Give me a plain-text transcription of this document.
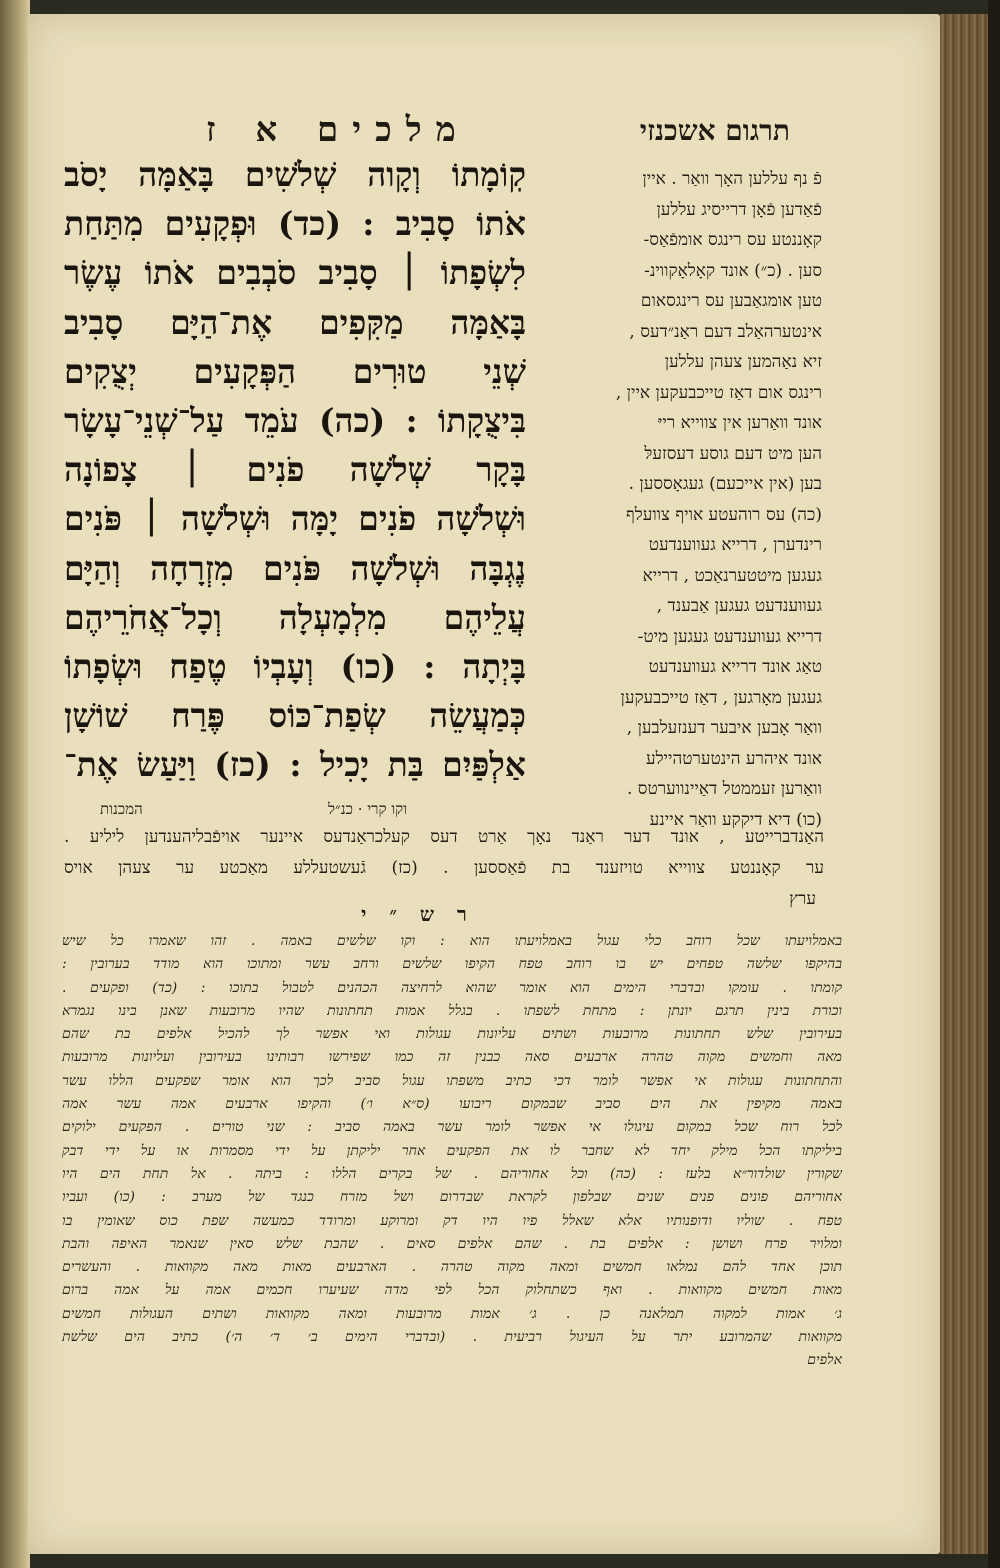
תרגום אשכנזי
מלכים א ז
קֽוֹמָתוֹ וְקָוה שְׁלֹשִׁים בָּאַמָּה יָסֹב
אֹתוֹ סָבִיב : (כד) וּפְקָעִים מִתַּחַת
לִשְׂפָתוֹ ׀ סָבִיב סֹבְבִים אֹתוֹ עֶשֶׂר
בָּאַמָּה מַקִּפִים אֶת־הַיָּם סָבִיב
שְׁנֵי טוּרִים הַפְּקָעִים יְצֻקִים
בִּיצֻקָתוֹ : (כה) עֹמֵד עַל־שְׁנֵי־עָשָׂר
בָּקָר שְׁלֹשָׁה פֹנִים ׀ צָפוֹנָה
וּשְׁלֹשָׁה פֹנִים יָמָּה וּשְׁלֹשָׁה ׀ פֹּנִים
נֶגְבָּה וּשְׁלֹשָׁה פֹּנִים מִזְרָחָה וְהַיָּם
עֲלֵיהֶם מִלְמָעְלָה וְכָל־אֲחֹרֵיהֶם
בָּיְתָה : (כו) וְעָבְיוֹ טֶפַח וּשְׂפָתוֹ
כְּמַעֲשֵׂה שְׂפַת־כּוֹס פֶּרַח שׁוֹשָׁן
אַלְפַּיִם בַּת יָכִיל : (כז) וַיַּעַשׂ אֶת־
פֿ נף עללען האָך וואַר . איין
פֿאַדען פֿאָן דרייסיג עללען
קאָננטע עס רינגס אומפֿאַס-
סען . (כ״) אונד קאָלאָקווינ-
טען אומגאַבען עס רינגסאום
אינטערהאַלב דעם ראַנ״דעס ,
זיא נאַהמען צעהן עללען
רינגס אום דאַז טייכבעקען איין ,
אונד וואַרען אין צווייא רייּ
הען מיט דעם גוסע דעסזעלּ
בען (אין אייכעם) געגאָססען .
(כה) עס רוהעטע אויף צוועלף
רינדערן , דרייא געווענדעט
געגען מיטטערנאַכט , דרייא
געווענדעט געגען אַבענד ,
דרייא געווענדעט געגען מיט-
טאַג אונד דרייא געווענדעט
געגען מאָרגען , דאַז טייכבעקען
וואַר אָבען איבער דענזעלבען ,
אונד איהרע הינטערטהיילע
וואַרען זעממטל דאַיינווערטס .
(כו) דיא דיקקע וואַר איינע
וקו קרי · כנ״ל
המכנות
האַנדברייטע , אונד דער ראַנד נאָך אַרט דעס קעלכראַנדעס איינער אויפֿבליהענדען ליליע .
ער קאָננטע צווייא טויזענד בת פֿאַססען . (כז) גֿעשטעללע מאַכטע ער צעהן אויס
ערץ
ר ש ״ י
באמלויעתו שכל רוחב כלי עגול באמלויעתו הוא : וקו שלשים באמה . זהו שאמרו כל שיש
בהיקפו שלשה טפחים יש בו רוחב טפח הקיפו שלשים ורחב עשר ומתוכו הוא מודד בערובין :
קומתו . עומקו ובדברי הימים הוא אומר שהוא לרחיצה הכהנים לטבול בתוכו : (כד) ופקעים .
וכורת בינין תרגם יונתן : מתחת לשפתו . בגלל אמות תחתונות שהיו מרובעות שאנן בינו נגמרא
בעירובין שלש תחתונות מרובעות ושתים עליונות עגולות ואי אפשר לך להכיל אלפים בת שהם
מאה וחמשים מקוה טהרה ארבעים סאה כבנין זה כמו שפירשו רבותינו בעירובין ועליונות מרובעות
והתחתונות עגולות אי אפשר לומר דכי כתיב משפתו עגול סביב לכך הוא אומר שפקעים הללו עשר
באמה מקיפין את הים סביב שבמקום ריבועו (ס״א ו׳) והקיפו ארבעים אמה עשר אמה
לכל רוח שכל במקום עיגולו אי אפשר לומר עשר באמה סביב : שני טורים . הפקעים ילוקים
ביליקתו הכל מילק יחד לא שחבר לו את הפקעים אחר יליקתן על ידי מסמרות או על ידי דבק
שקורין שולדור״א בלעז : (כה) וכל אחוריהם . של בקרים הללו : ביתה . אל תחת הים היו
אחוריהם פונים פנים שנים שבלפון לקראת שבדרום ושל מזרח כנגד של מערב : (כו) ועביו
טפח . שוליו ודופנותיו אלא שאלל פיו היו דק ומרוקע ומרודד כמעשה שפת כוס שאומין בו
ומלויר פרח ושושן : אלפים בת . שהם אלפים סאים . שהבת שלש סאין שנאמר האיפה והבת
תוכן אחד להם נמלאו חמשים ומאה מקוה טהרה . הארבעים מאות מאה מקוואות . והעשרים
מאות חמשים מקוואות . ואף כשתחלוק הכל לפי מדה שעיערו חכמים אמה על אמה ברום
ג׳ אמות למקוה תמלאנה כן . ג׳ אמות מרובעות ומאה מקוואות ושתים העגולות חמשים
מקוואות שהמרובע יתר על העיגול רביעית . (ובדברי הימים ב׳ ד׳ ה׳) כתיב הים שלשת
אלפים
